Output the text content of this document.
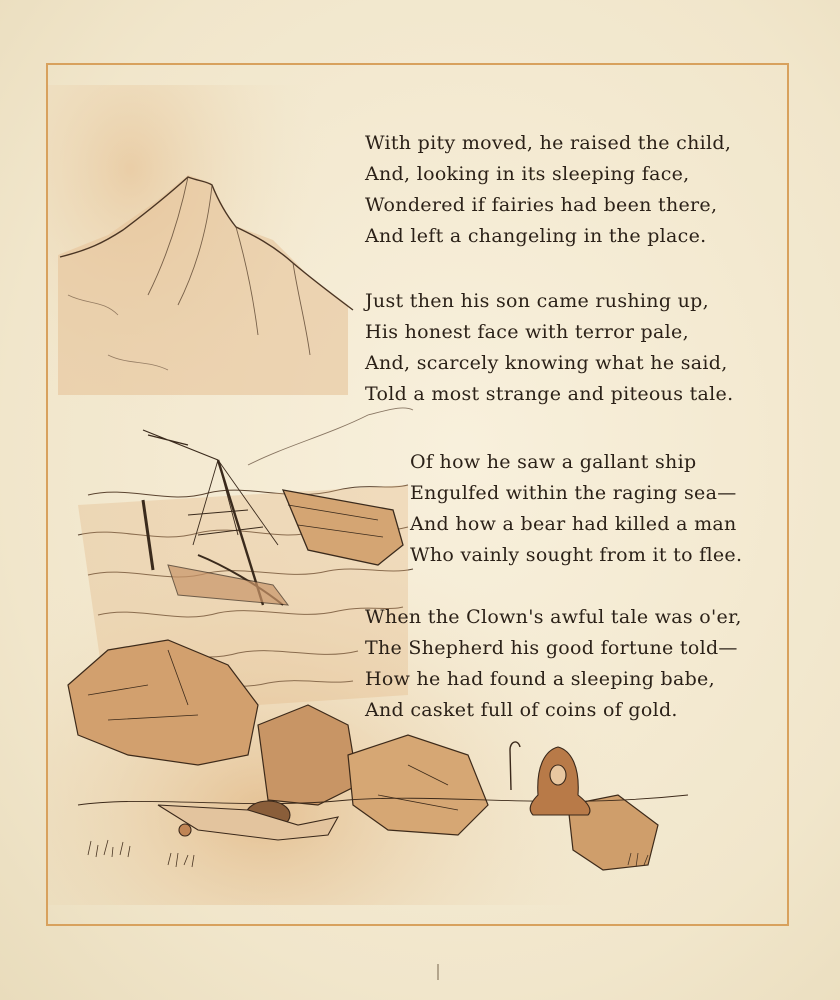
With pity moved, he raised the child,
And, looking in its sleeping face,
Wondered if fairies had been there,
And left a changeling in the place.
Just then his son came rushing up,
His honest face with terror pale,
And, scarcely knowing what he said,
Told a most strange and piteous tale.
Of how he saw a gallant ship
Engulfed within the raging sea—
And how a bear had killed a man
Who vainly sought from it to flee.
When the Clown's awful tale was o'er,
The Shepherd his good fortune told—
How he had found a sleeping babe,
And casket full of coins of gold.
